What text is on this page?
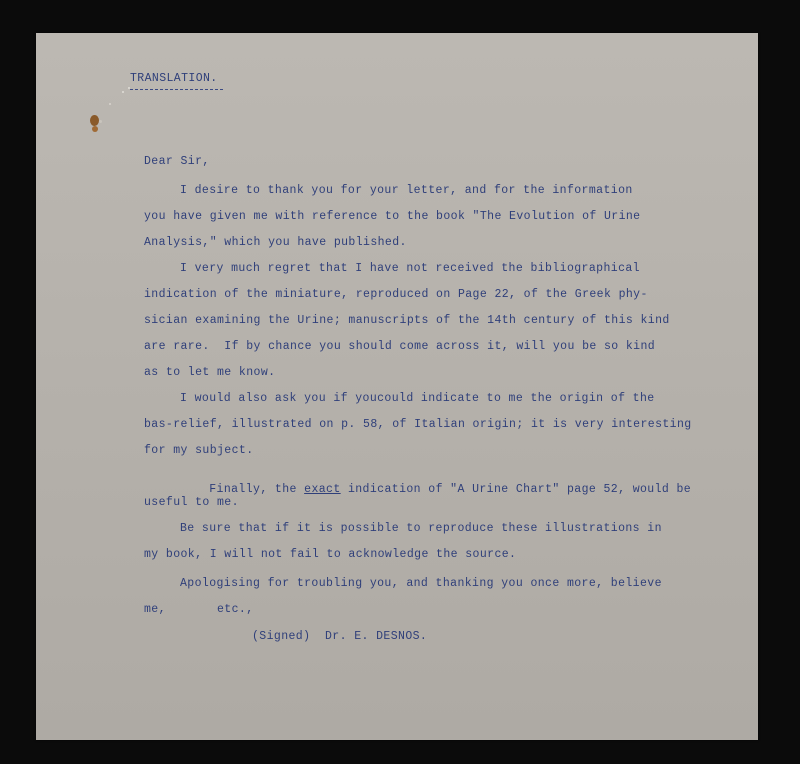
TRANSLATION.

Dear Sir,

I desire to thank you for your letter, and for the information

you have given me with reference to the book "The Evolution of Urine

Analysis," which you have published.

I very much regret that I have not received the bibliographical

indication of the miniature, reproduced on Page 22, of the Greek phy-

sician examining the Urine; manuscripts of the 14th century of this kind

are rare.  If by chance you should come across it, will you be so kind

as to let me know.

I would also ask you if youcould indicate to me the origin of the

bas-relief, illustrated on p. 58, of Italian origin; it is very interesting

for my subject.

Finally, the exact indication of "A Urine Chart" page 52, would be

useful to me.

Be sure that if it is possible to reproduce these illustrations in

my book, I will not fail to acknowledge the source.

Apologising for troubling you, and thanking you once more, believe

me,       etc.,

(Signed)  Dr. E. DESNOS.
